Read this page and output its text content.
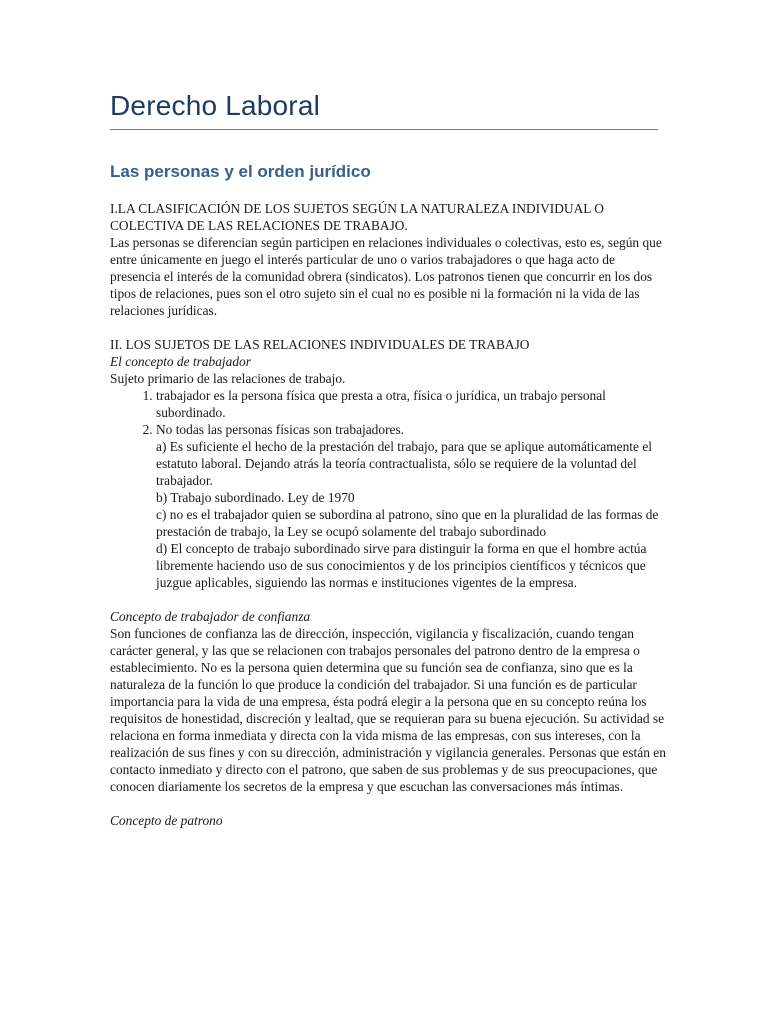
Derecho Laboral
Las personas y el orden jurídico

I.LA CLASIFICACIÓN DE LOS SUJETOS SEGÚN LA NATURALEZA INDIVIDUAL O COLECTIVA DE LAS RELACIONES DE TRABAJO.

Las personas se diferencian según participen en relaciones individuales o colectivas, esto es, según que entre únicamente en juego el interés particular de uno o varios trabajadores o que haga acto de presencia el interés de la comunidad obrera (sindicatos). Los patronos tienen que concurrir en los dos tipos de relaciones, pues son el otro sujeto sin el cual no es posible ni la formación ni la vida de las relaciones jurídicas.

II. LOS SUJETOS DE LAS RELACIONES INDIVIDUALES DE TRABAJO

El concepto de trabajador

Sujeto primario de las relaciones de trabajo.

1. trabajador es la persona física que presta a otra, física o jurídica, un trabajo personal subordinado.
2. No todas las personas físicas son trabajadores.
a) Es suficiente el hecho de la prestación del trabajo, para que se aplique automáticamente el estatuto laboral. Dejando atrás la teoría contractualista, sólo se requiere de la voluntad del trabajador.
b) Trabajo subordinado. Ley de 1970
c) no es el trabajador quien se subordina al patrono, sino que en la pluralidad de las formas de prestación de trabajo, la Ley se ocupó solamente del trabajo subordinado
d) El concepto de trabajo subordinado sirve para distinguir la forma en que el hombre actúa libremente haciendo uso de sus conocimientos y de los principios científicos y técnicos que juzgue aplicables, siguiendo las normas e instituciones vigentes de la empresa.

Concepto de trabajador de confianza

Son funciones de confianza las de dirección, inspección, vigilancia y fiscalización, cuando tengan carácter general, y las que se relacionen con trabajos personales del patrono dentro de la empresa o establecimiento. No es la persona quien determina que su función sea de confianza, sino que es la naturaleza de la función lo que produce la condición del trabajador. Si una función es de particular importancia para la vida de una empresa, ésta podrá elegir a la persona que en su concepto reúna los requisitos de honestidad, discreción y lealtad, que se requieran para su buena ejecución. Su actividad se relaciona en forma inmediata y directa con la vida misma de las empresas, con sus intereses, con la realización de sus fines y con su dirección, administración y vigilancia generales. Personas que están en contacto inmediato y directo con el patrono, que saben de sus problemas y de sus preocupaciones, que conocen diariamente los secretos de la empresa y que escuchan las conversaciones más íntimas.

Concepto de patrono
